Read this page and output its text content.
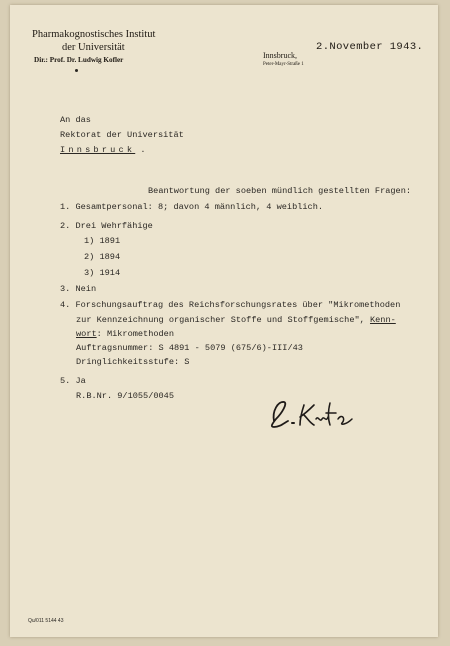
Pharmakognostisches Institut
der Universität
Dir.: Prof. Dr. Ludwig Kofler	Innsbruck,
Peter-Mayr-Straße 1
2.November 1943.
An das
Rektorat der Universität
Innsbruck .
Beantwortung der soeben mündlich gestellten Fragen:
1. Gesamtpersonal: 8; davon 4 männlich, 4 weiblich.
2. Drei Wehrfähige
1) 1891
2) 1894
3) 1914
3. Nein
4. Forschungsauftrag des Reichsforschungsrates über "Mikromethoden
zur Kennzeichnung organischer Stoffe und Stoffgemische", Kenn-
wort: Mikromethoden
Auftragsnummer: S 4891 - 5079 (675/6)-III/43
Dringlichkeitsstufe: S
5. Ja
R.B.Nr. 9/1055/0045
Qu/011 5144 43
